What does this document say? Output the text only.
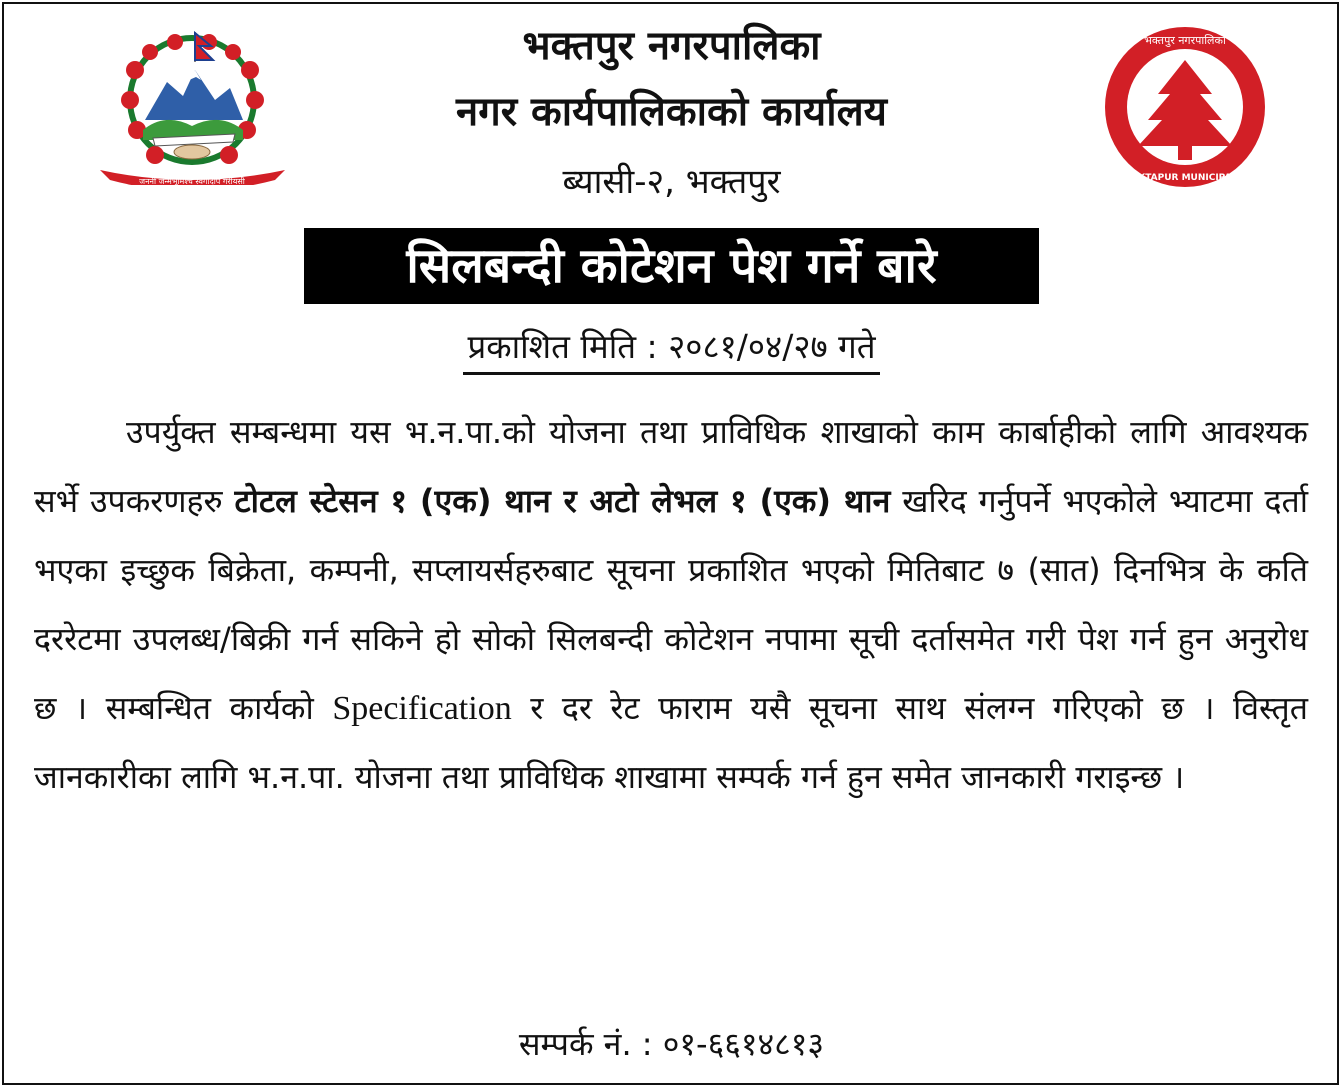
जननी जन्मभूमिश्च स्वर्गादपि गरीयसी
भक्तपुर नगरपालिका
BHAKTAPUR MUNICIPALITY
भक्तपुर नगरपालिका
नगर कार्यपालिकाको कार्यालय
ब्यासी-२, भक्तपुर
सिलबन्दी कोटेशन पेश गर्ने बारे
प्रकाशित मिति : २०८१/०४/२७ गते
उपर्युक्त सम्बन्धमा यस भ.न.पा.को योजना तथा प्राविधिक शाखाको काम कार्बाहीको लागि आवश्यक सर्भे उपकरणहरु टोटल स्टेसन १ (एक) थान र अटो लेभल १ (एक) थान खरिद गर्नुपर्ने भएकोले भ्याटमा दर्ता भएका इच्छुक बिक्रेता, कम्पनी, सप्लायर्सहरुबाट सूचना प्रकाशित भएको मितिबाट ७ (सात) दिनभित्र के कति दररेटमा उपलब्ध/बिक्री गर्न सकिने हो सोको सिलबन्दी कोटेशन नपामा सूची दर्तासमेत गरी पेश गर्न हुन अनुरोध छ । सम्बन्धित कार्यको Specification र दर रेट फाराम यसै सूचना साथ संलग्न गरिएको छ । विस्तृत जानकारीका लागि भ.न.पा. योजना तथा प्राविधिक शाखामा सम्पर्क गर्न हुन समेत जानकारी गराइन्छ ।
सम्पर्क नं. : ०१-६६१४८१३
